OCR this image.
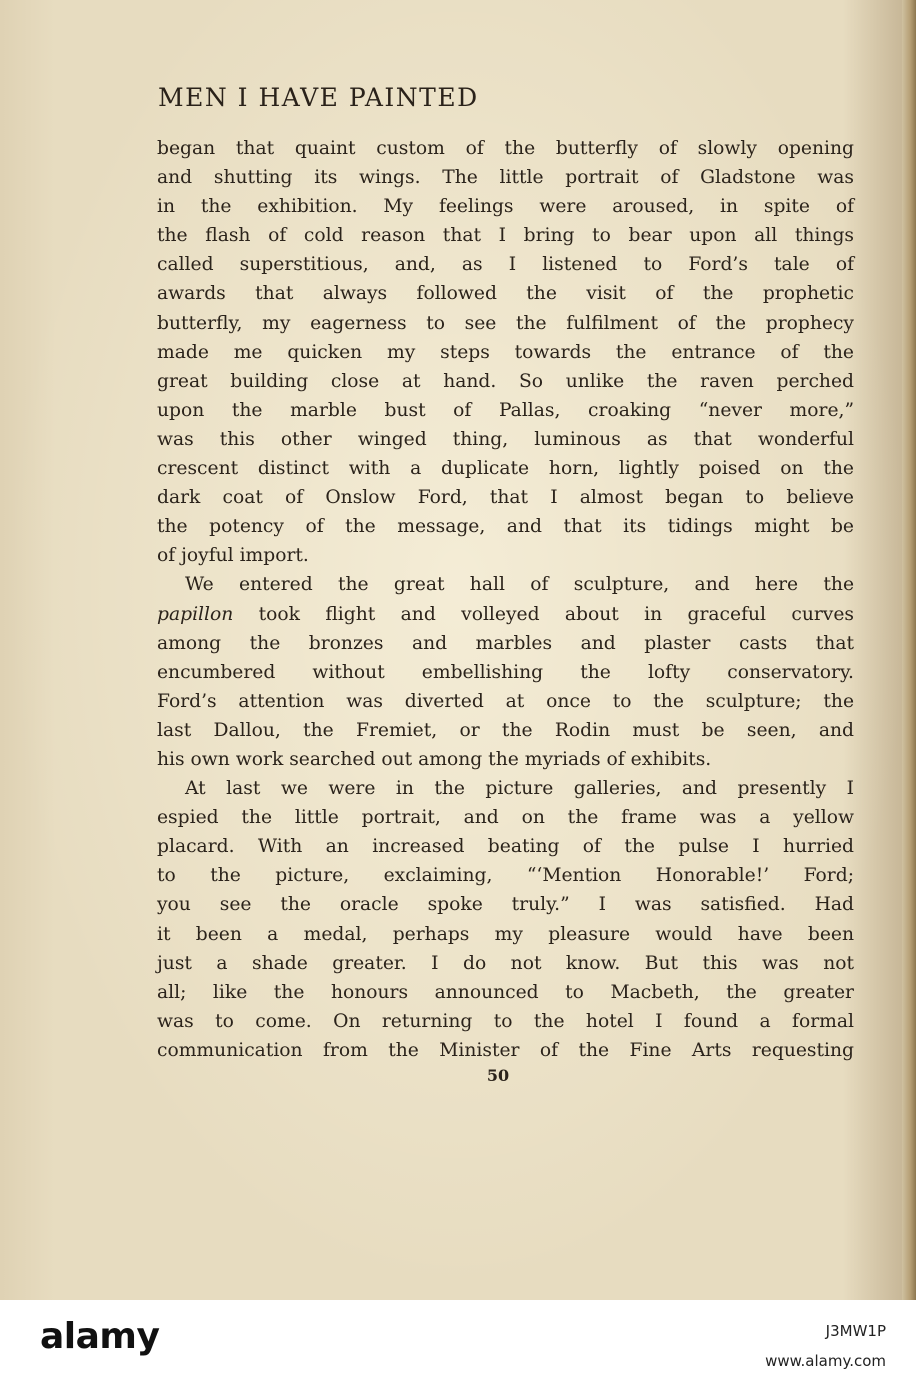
MEN I HAVE PAINTED
began that quaint custom of the butterfly of slowly opening
and shutting its wings. The little portrait of Gladstone was
in the exhibition. My feelings were aroused, in spite of
the flash of cold reason that I bring to bear upon all things
called superstitious, and, as I listened to Ford’s tale of
awards that always followed the visit of the prophetic
butterfly, my eagerness to see the fulfilment of the prophecy
made me quicken my steps towards the entrance of the
great building close at hand. So unlike the raven perched
upon the marble bust of Pallas, croaking “never more,”
was this other winged thing, luminous as that wonderful
crescent distinct with a duplicate horn, lightly poised on the
dark coat of Onslow Ford, that I almost began to believe
the potency of the message, and that its tidings might be
of joyful import.
We entered the great hall of sculpture, and here the
papillon took flight and volleyed about in graceful curves
among the bronzes and marbles and plaster casts that
encumbered without embellishing the lofty conservatory.
Ford’s attention was diverted at once to the sculpture; the
last Dallou, the Fremiet, or the Rodin must be seen, and
his own work searched out among the myriads of exhibits.
At last we were in the picture galleries, and presently I
espied the little portrait, and on the frame was a yellow
placard. With an increased beating of the pulse I hurried
to the picture, exclaiming, “‘Mention Honorable!’ Ford;
you see the oracle spoke truly.” I was satisfied. Had
it been a medal, perhaps my pleasure would have been
just a shade greater. I do not know. But this was not
all; like the honours announced to Macbeth, the greater
was to come. On returning to the hotel I found a formal
communication from the Minister of the Fine Arts requesting
50
alamy	J3MW1P
www.alamy.com
